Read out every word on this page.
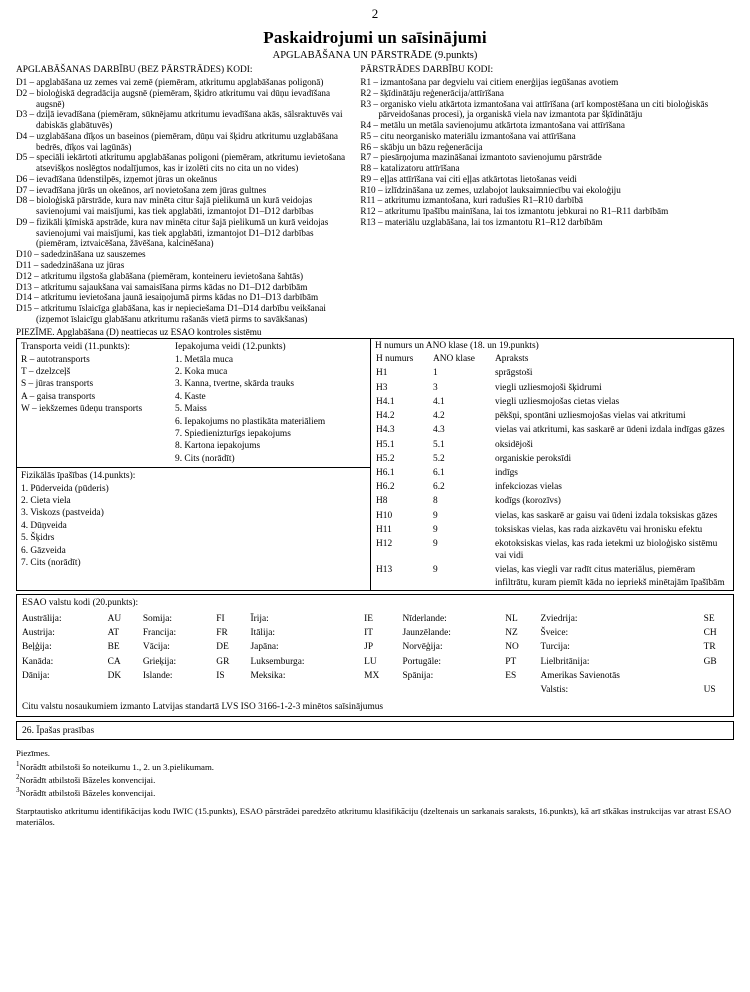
2
Paskaidrojumi un saīsinājumi
APGLABĀŠANA UN PĀRSTRĀDE (9.punkts)
APGLABĀŠANAS DARBĪBU (BEZ PĀRSTRĀDES) KODI:

D1 – apglabāšana uz zemes vai zemē (piemēram, atkritumu apglabāšanas poligonā)

D2 – bioloģiskā degradācija augsnē (piemēram, šķidro atkritumu vai dūņu ievadīšana augsnē)

D3 – dziļā ievadīšana (piemēram, sūknējamu atkritumu ievadīšana akās, sālsraktuvēs vai dabiskās glabātuvēs)

D4 – uzglabāšana dīķos un baseinos (piemēram, dūņu vai šķidru atkritumu uzglabāšana bedrēs, dīķos vai lagūnās)

D5 – speciāli iekārtoti atkritumu apglabāšanas poligoni (piemēram, atkritumu ievietošana atsevišķos noslēgtos nodalījumos, kas ir izolēti cits no cita un no vides)

D6 – ievadīšana ūdenstilpēs, izņemot jūras un okeānus

D7 – ievadīšana jūrās un okeānos, arī novietošana zem jūras gultnes

D8 – bioloģiskā pārstrāde, kura nav minēta citur šajā pielikumā un kurā veidojas savienojumi vai maisījumi, kas tiek apglabāti, izmantojot D1–D12 darbības

D9 – fizikāli ķīmiskā apstrāde, kura nav minēta citur šajā pielikumā un kurā veidojas savienojumi vai maisījumi, kas tiek apglabāti, izmantojot D1–D12 darbības (piemēram, iztvaicēšana, žāvēšana, kalcinēšana)

D10 – sadedzināšana uz sauszemes

D11 – sadedzināšana uz jūras

D12 – atkritumu ilgstoša glabāšana (piemēram, konteineru ievietošana šahtās)

D13 – atkritumu sajaukšana vai samaisīšana pirms kādas no D1–D12 darbībām

D14 – atkritumu ievietošana jaunā iesaiņojumā pirms kādas no D1–D13 darbībām

D15 – atkritumu īslaicīga glabāšana, kas ir nepieciešama D1–D14 darbību veikšanai (izņemot īslaicīgu glabāšanu atkritumu rašanās vietā pirms to savākšanas)

PĀRSTRĀDES DARBĪBU KODI:

R1 – izmantošana par degvielu vai citiem enerģijas iegūšanas avotiem

R2 – šķīdinātāju reģenerācija/attīrīšana

R3 – organisko vielu atkārtota izmantošana vai attīrīšana (arī kompostēšana un citi bioloģiskās pārveidošanas procesi), ja organiskā viela nav izmantota par šķīdinātāju

R4 – metālu un metāla savienojumu atkārtota izmantošana vai attīrīšana

R5 – citu neorganisko materiālu izmantošana vai attīrīšana

R6 – skābju un bāzu reģenerācija

R7 – piesārņojuma mazināšanai izmantoto savienojumu pārstrāde

R8 – katalizatoru attīrīšana

R9 – eļļas attīrīšana vai citi eļļas atkārtotas lietošanas veidi

R10 – izlīdzināšana uz zemes, uzlabojot lauksaimniecību vai ekoloģiju

R11 – atkritumu izmantošana, kuri radušies R1–R10 darbībā

R12 – atkritumu īpašību mainīšana, lai tos izmantotu jebkurai no R1–R11 darbībām

R13 – materiālu uzglabāšana, lai tos izmantotu R1–R12 darbībām

PIEZĪME. Apglabāšana (D) neattiecas uz ESAO kontroles sistēmu

Transporta veidi (11.punkts):

R – autotransports

T – dzelzceļš

S – jūras transports

A – gaisa transports

W – iekšzemes ūdeņu transports

Iepakojuma veidi (12.punkts)

1. Metāla muca

2. Koka muca

3. Kanna, tvertne, skārda trauks

4. Kaste

5. Maiss

6. Iepakojums no plastikāta materiāliem

7. Spiedienizturīgs iepakojums

8. Kartona iepakojums

9. Cits (norādīt)

Fizikālās īpašības (14.punkts):

1. Pūderveida (pūderis)

2. Cieta viela

3. Viskozs (pastveida)

4. Dūņveida

5. Šķidrs

6. Gāzveida

7. Cits (norādīt)

H numurs un ANO klase (18. un 19.punkts)
H numurs	ANO klase	Apraksts
H1	1	sprāgstoši
H3	3	viegli uzliesmojoši šķidrumi
H4.1	4.1	viegli uzliesmojošas cietas vielas
H4.2	4.2	pēkšņi, spontāni uzliesmojošas vielas vai atkritumi
H4.3	4.3	vielas vai atkritumi, kas saskarē ar ūdeni izdala indīgas gāzes
H5.1	5.1	oksidējoši
H5.2	5.2	organiskie peroksīdi
H6.1	6.1	indīgs
H6.2	6.2	infekciozas vielas
H8	8	kodīgs (korozīvs)
H10	9	vielas, kas saskarē ar gaisu vai ūdeni izdala toksiskas gāzes
H11	9	toksiskas vielas, kas rada aizkavētu vai hronisku efektu
H12	9	ekotoksiskas vielas, kas rada ietekmi uz bioloģisko sistēmu vai vidi
H13	9	vielas, kas viegli var radīt citus materiālus, piemēram infiltrātu, kuram piemīt kāda no iepriekš minētajām īpašībām
ESAO valstu kodi (20.punkts):
Austrālija:	AU	Somija:	FI	Īrija:	IE	Nīderlande:	NL	Zviedrija:	SE
Austrija:	AT	Francija:	FR	Itālija:	IT	Jaunzēlande:	NZ	Šveice:	CH
Beļģija:	BE	Vācija:	DE	Japāna:	JP	Norvēģija:	NO	Turcija:	TR
Kanāda:	CA	Grieķija:	GR	Luksemburga:	LU	Portugāle:	PT	Lielbritānija:	GB
Dānija:	DK	Islande:	IS	Meksika:	MX	Spānija:	ES	Amerikas Savienotās	
								Valstis:	US
Citu valstu nosaukumiem izmanto Latvijas standartā LVS ISO 3166-1-2-3 minētos saīsinājumus
26. Īpašas prasības

Piezīmes.

$^1$Norādīt atbilstoši šo noteikumu 1., 2. un 3.pielikumam.

$^2$Norādīt atbilstoši Bāzeles konvencijai.

$^3$Norādīt atbilstoši Bāzeles konvencijai.

Starptautisko atkritumu identifikācijas kodu IWIC (15.punkts), ESAO pārstrādei paredzēto atkritumu klasifikāciju (dzeltenais un sarkanais saraksts, 16.punkts), kā arī sīkākas instrukcijas var atrast ESAO materiālos.
